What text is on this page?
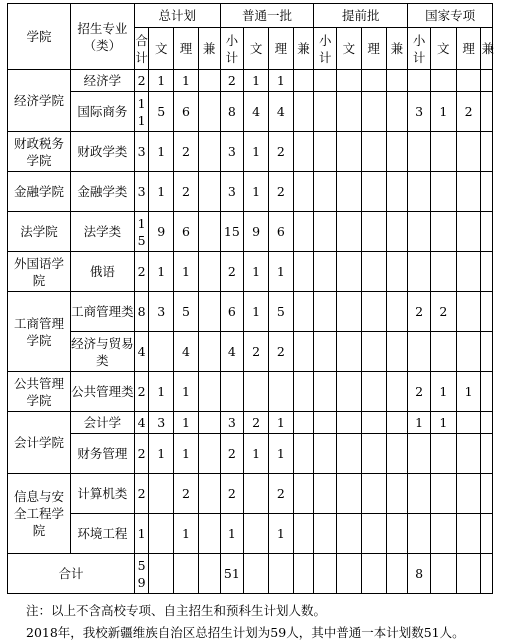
学院	招生专业（类）	总计划				普通一批				提前批				国家专项			
		合计	文	理	兼	小计	文	理	兼	小计	文	理	兼	小计	文	理	兼
经济学院	经济学	2	1	1		2	1	1									
	国际商务	11	5	6		8	4	4						3	1	2	
财政税务学院	财政学类	3	1	2		3	1	2									
金融学院	金融学类	3	1	2		3	1	2									
法学院	法学类	15	9	6		15	9	6									
外国语学院	俄语	2	1	1		2	1	1									
工商管理学院	工商管理类	8	3	5		6	1	5						2	2		
	经济与贸易类	4		4		4	2	2									
公共管理学院	公共管理类	2	1	1										2	1	1	
会计学院	会计学	4	3	1		3	2	1						1	1		
	财务管理	2	1	1		2	1	1									
信息与安全工程学院	计算机类	2		2		2		2									
	环境工程	1		1		1		1									
合计		59				51								8			
注：以上不含高校专项、自主招生和预科生计划人数。
2018年，我校新疆维族自治区总招生计划为59人，其中普通一本计划数51人。
